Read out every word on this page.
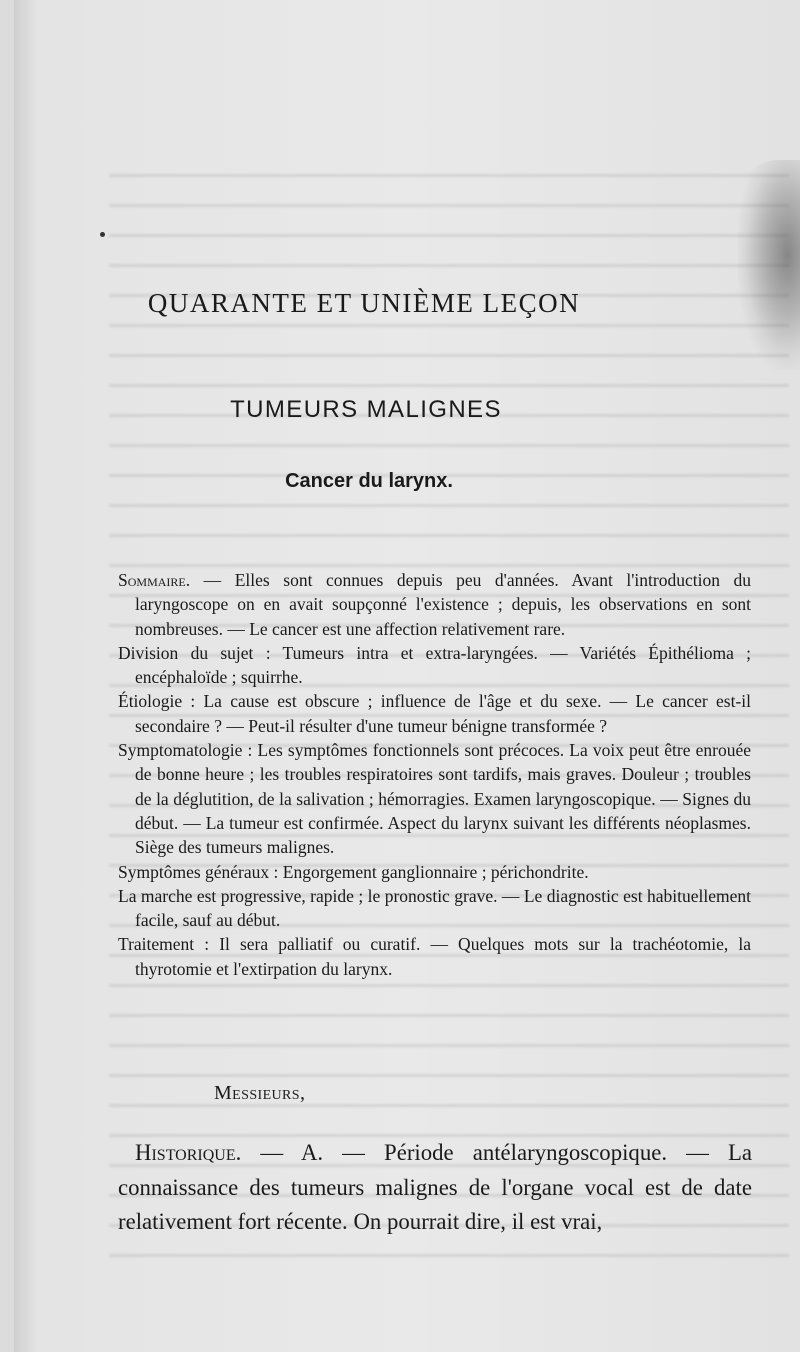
QUARANTE ET UNIÈME LEÇON
TUMEURS MALIGNES
Cancer du larynx.

Sommaire. — Elles sont connues depuis peu d'années. Avant l'introduction du laryngoscope on en avait soupçonné l'existence ; depuis, les observations en sont nombreuses. — Le cancer est une affection relativement rare.

Division du sujet : Tumeurs intra et extra-laryngées. — Variétés Épithélioma ; encéphaloïde ; squirrhe.

Étiologie : La cause est obscure ; influence de l'âge et du sexe. — Le cancer est-il secondaire ? — Peut-il résulter d'une tumeur bénigne transformée ?

Symptomatologie : Les symptômes fonctionnels sont précoces. La voix peut être enrouée de bonne heure ; les troubles respiratoires sont tardifs, mais graves. Douleur ; troubles de la déglutition, de la salivation ; hémorragies. Examen laryngoscopique. — Signes du début. — La tumeur est confirmée. Aspect du larynx suivant les différents néoplasmes. Siège des tumeurs malignes.

Symptômes généraux : Engorgement ganglionnaire ; périchondrite.

La marche est progressive, rapide ; le pronostic grave. — Le diagnostic est habituellement facile, sauf au début.

Traitement : Il sera palliatif ou curatif. — Quelques mots sur la trachéotomie, la thyrotomie et l'extirpation du larynx.

Messieurs,

Historique. — A. — Période antélaryngoscopique. — La connaissance des tumeurs malignes de l'organe vocal est de date relativement fort récente. On pourrait dire, il est vrai,
